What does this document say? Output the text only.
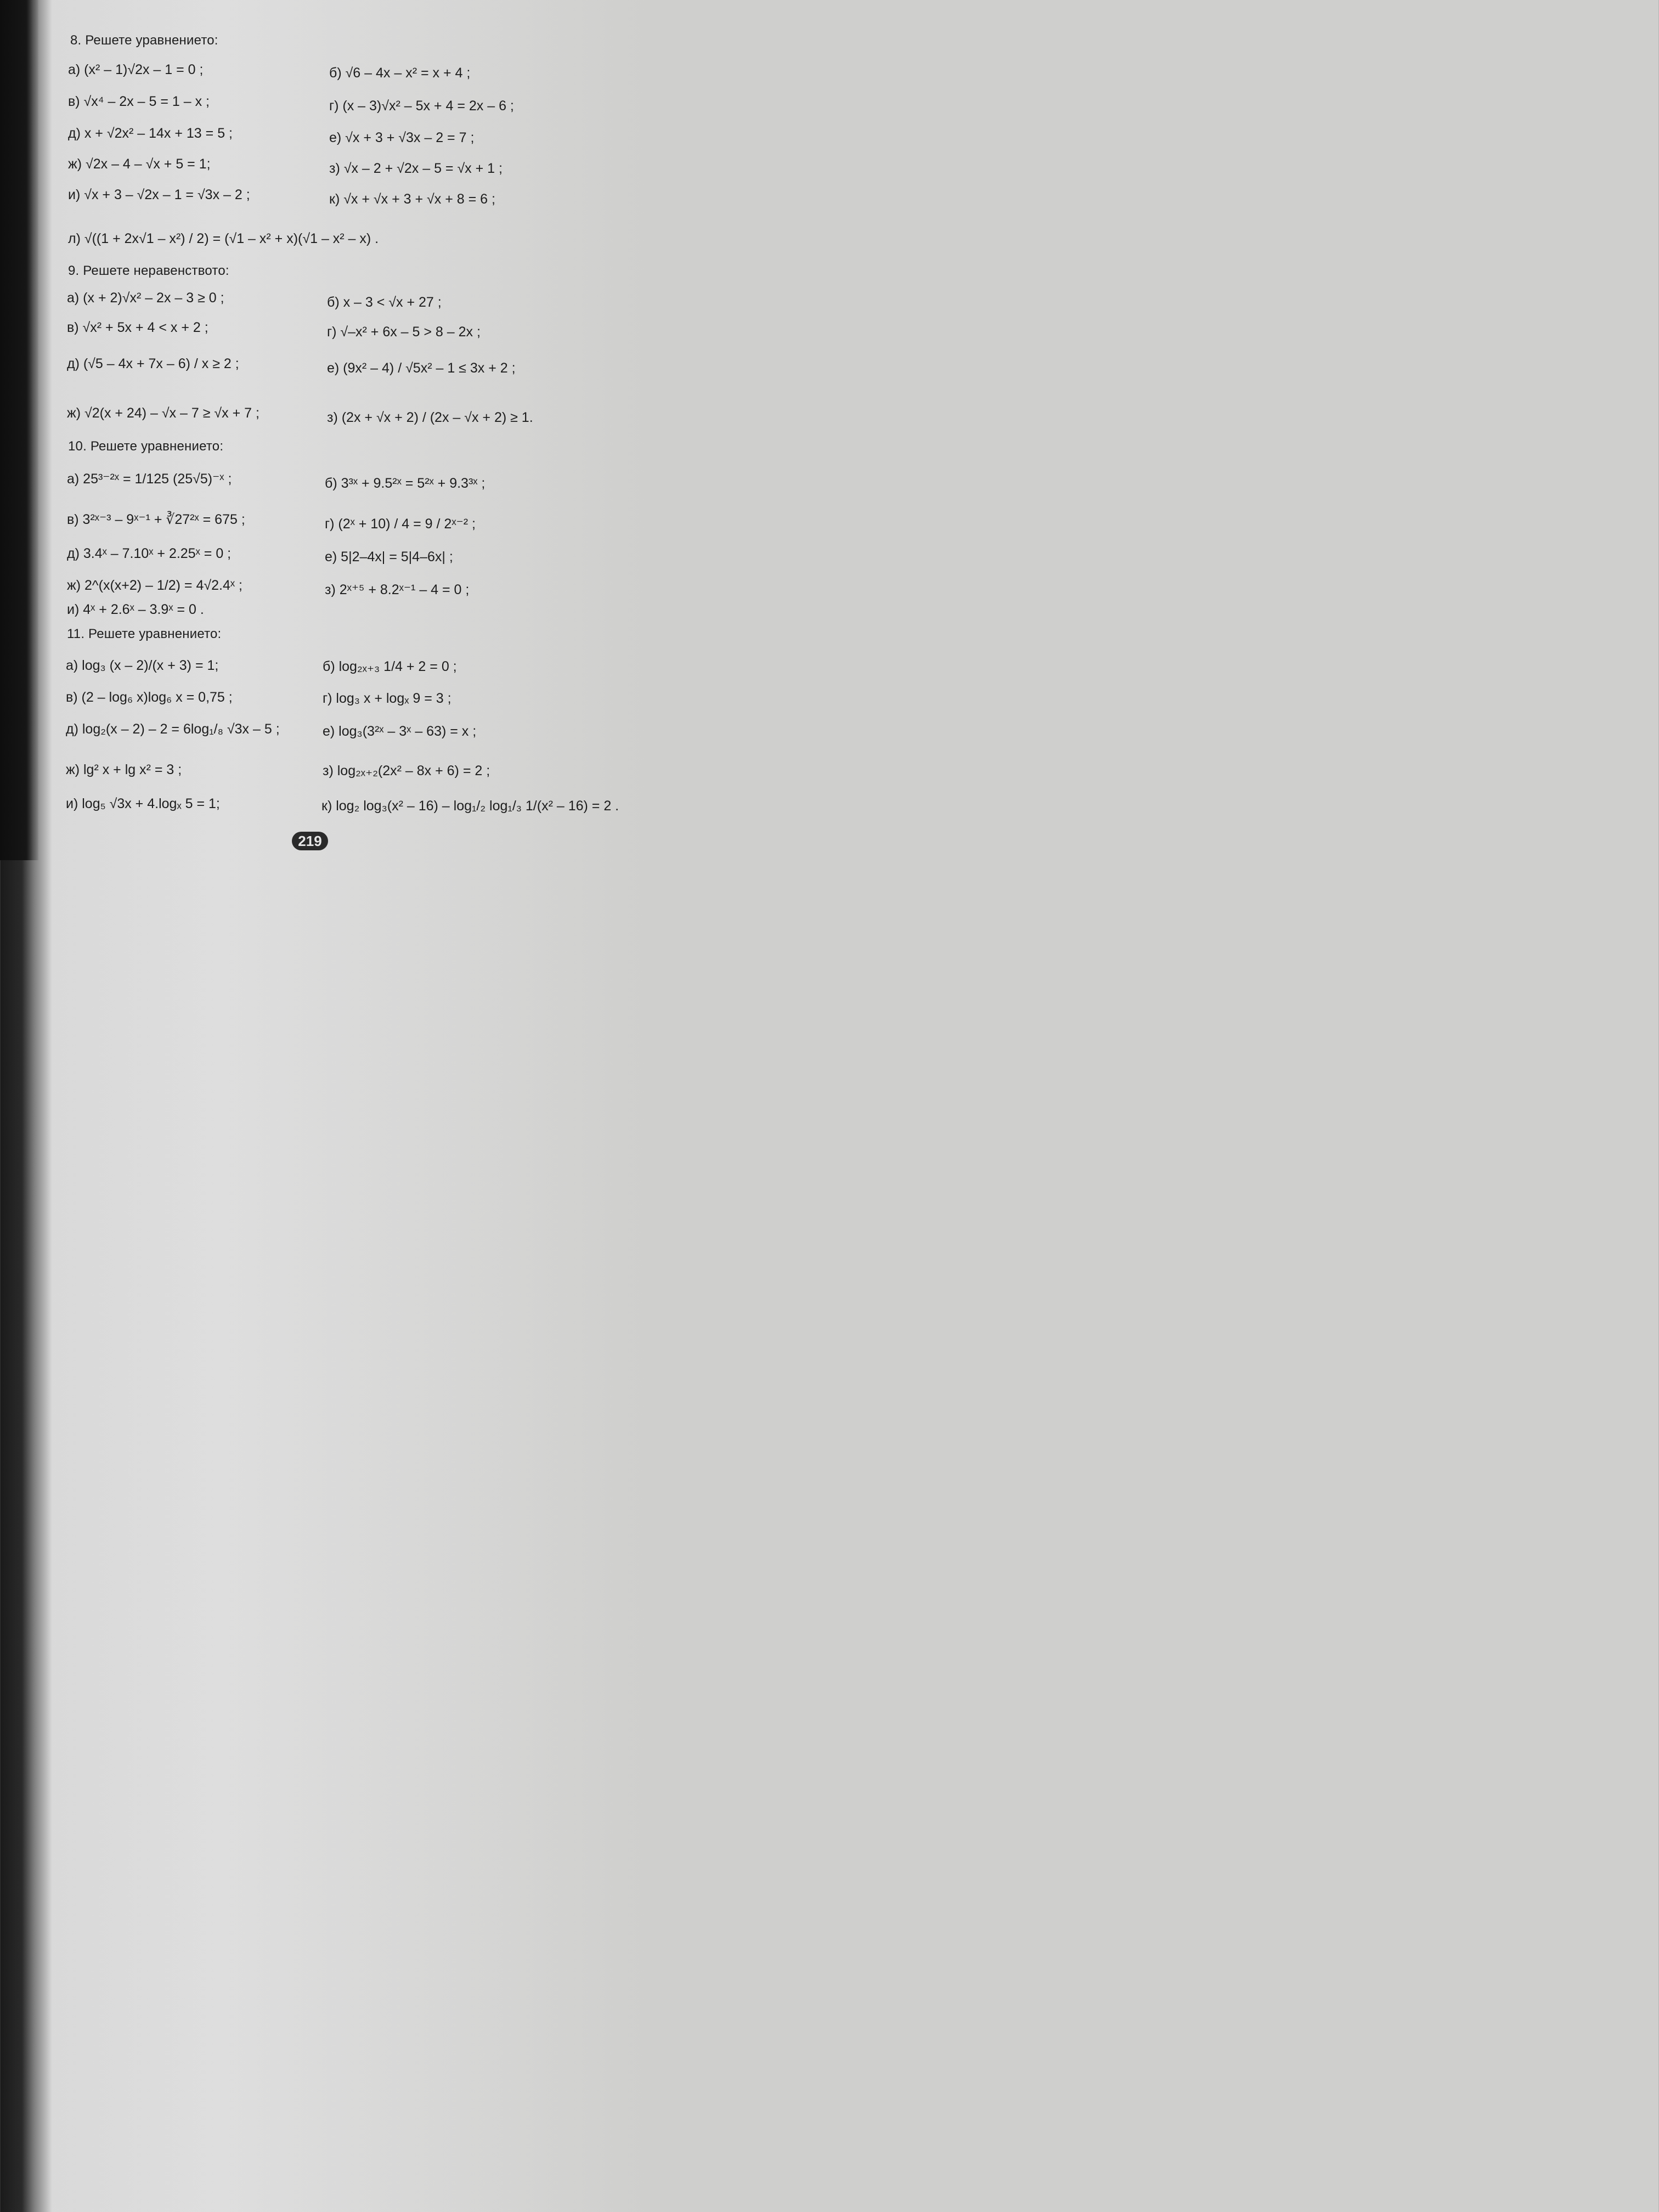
8. Решете уравнението:
а) (x² – 1)√2x – 1 = 0 ;	б) √6 – 4x – x² = x + 4 ;
в) √x⁴ – 2x – 5 = 1 – x ;	г) (x – 3)√x² – 5x + 4 = 2x – 6 ;
д) x + √2x² – 14x + 13 = 5 ;	е) √x + 3 + √3x – 2 = 7 ;
ж) √2x – 4 – √x + 5 = 1;	з) √x – 2 + √2x – 5 = √x + 1 ;
и) √x + 3 – √2x – 1 = √3x – 2 ;	к) √x + √x + 3 + √x + 8 = 6 ;
л) √((1 + 2x√1 – x²) / 2) = (√1 – x² + x)(√1 – x² – x) .
9. Решете неравенството:
а) (x + 2)√x² – 2x – 3 ≥ 0 ;	б) x – 3 < √x + 27 ;
в) √x² + 5x + 4 < x + 2 ;	г) √–x² + 6x – 5 > 8 – 2x ;
д) (√5 – 4x + 7x – 6) / x ≥ 2 ;	е) (9x² – 4) / √5x² – 1 ≤ 3x + 2 ;
ж) √2(x + 24) – √x – 7 ≥ √x + 7 ;	з) (2x + √x + 2) / (2x – √x + 2) ≥ 1.
10. Решете уравнението:
а) 25³⁻²ˣ = 1/125 (25√5)⁻ˣ ;	б) 3³ˣ + 9.5²ˣ = 5²ˣ + 9.3³ˣ ;
в) 3²ˣ⁻³ – 9ˣ⁻¹ + ∛27²ˣ = 675 ;	г) (2ˣ + 10) / 4 = 9 / 2ˣ⁻² ;
д) 3.4ˣ – 7.10ˣ + 2.25ˣ = 0 ;	е) 5|2–4x| = 5|4–6x| ;
ж) 2^(x(x+2) – 1/2) = 4√2.4ˣ ;	з) 2ˣ⁺⁵ + 8.2ˣ⁻¹ – 4 = 0 ;
и) 4ˣ + 2.6ˣ – 3.9ˣ = 0 .
11. Решете уравнението:
а) log₃ (x – 2)/(x + 3) = 1;	б) log₂ₓ₊₃ 1/4 + 2 = 0 ;
в) (2 – log₆ x)log₆ x = 0,75 ;	г) log₃ x + logₓ 9 = 3 ;
д) log₂(x – 2) – 2 = 6log₁/₈ √3x – 5 ;	е) log₃(3²ˣ – 3ˣ – 63) = x ;
ж) lg² x + lg x² = 3 ;	з) log₂ₓ₊₂(2x² – 8x + 6) = 2 ;
и) log₅ √3x + 4.logₓ 5 = 1;	к) log₂ log₃(x² – 16) – log₁/₂ log₁/₃ 1/(x² – 16) = 2 .
219
